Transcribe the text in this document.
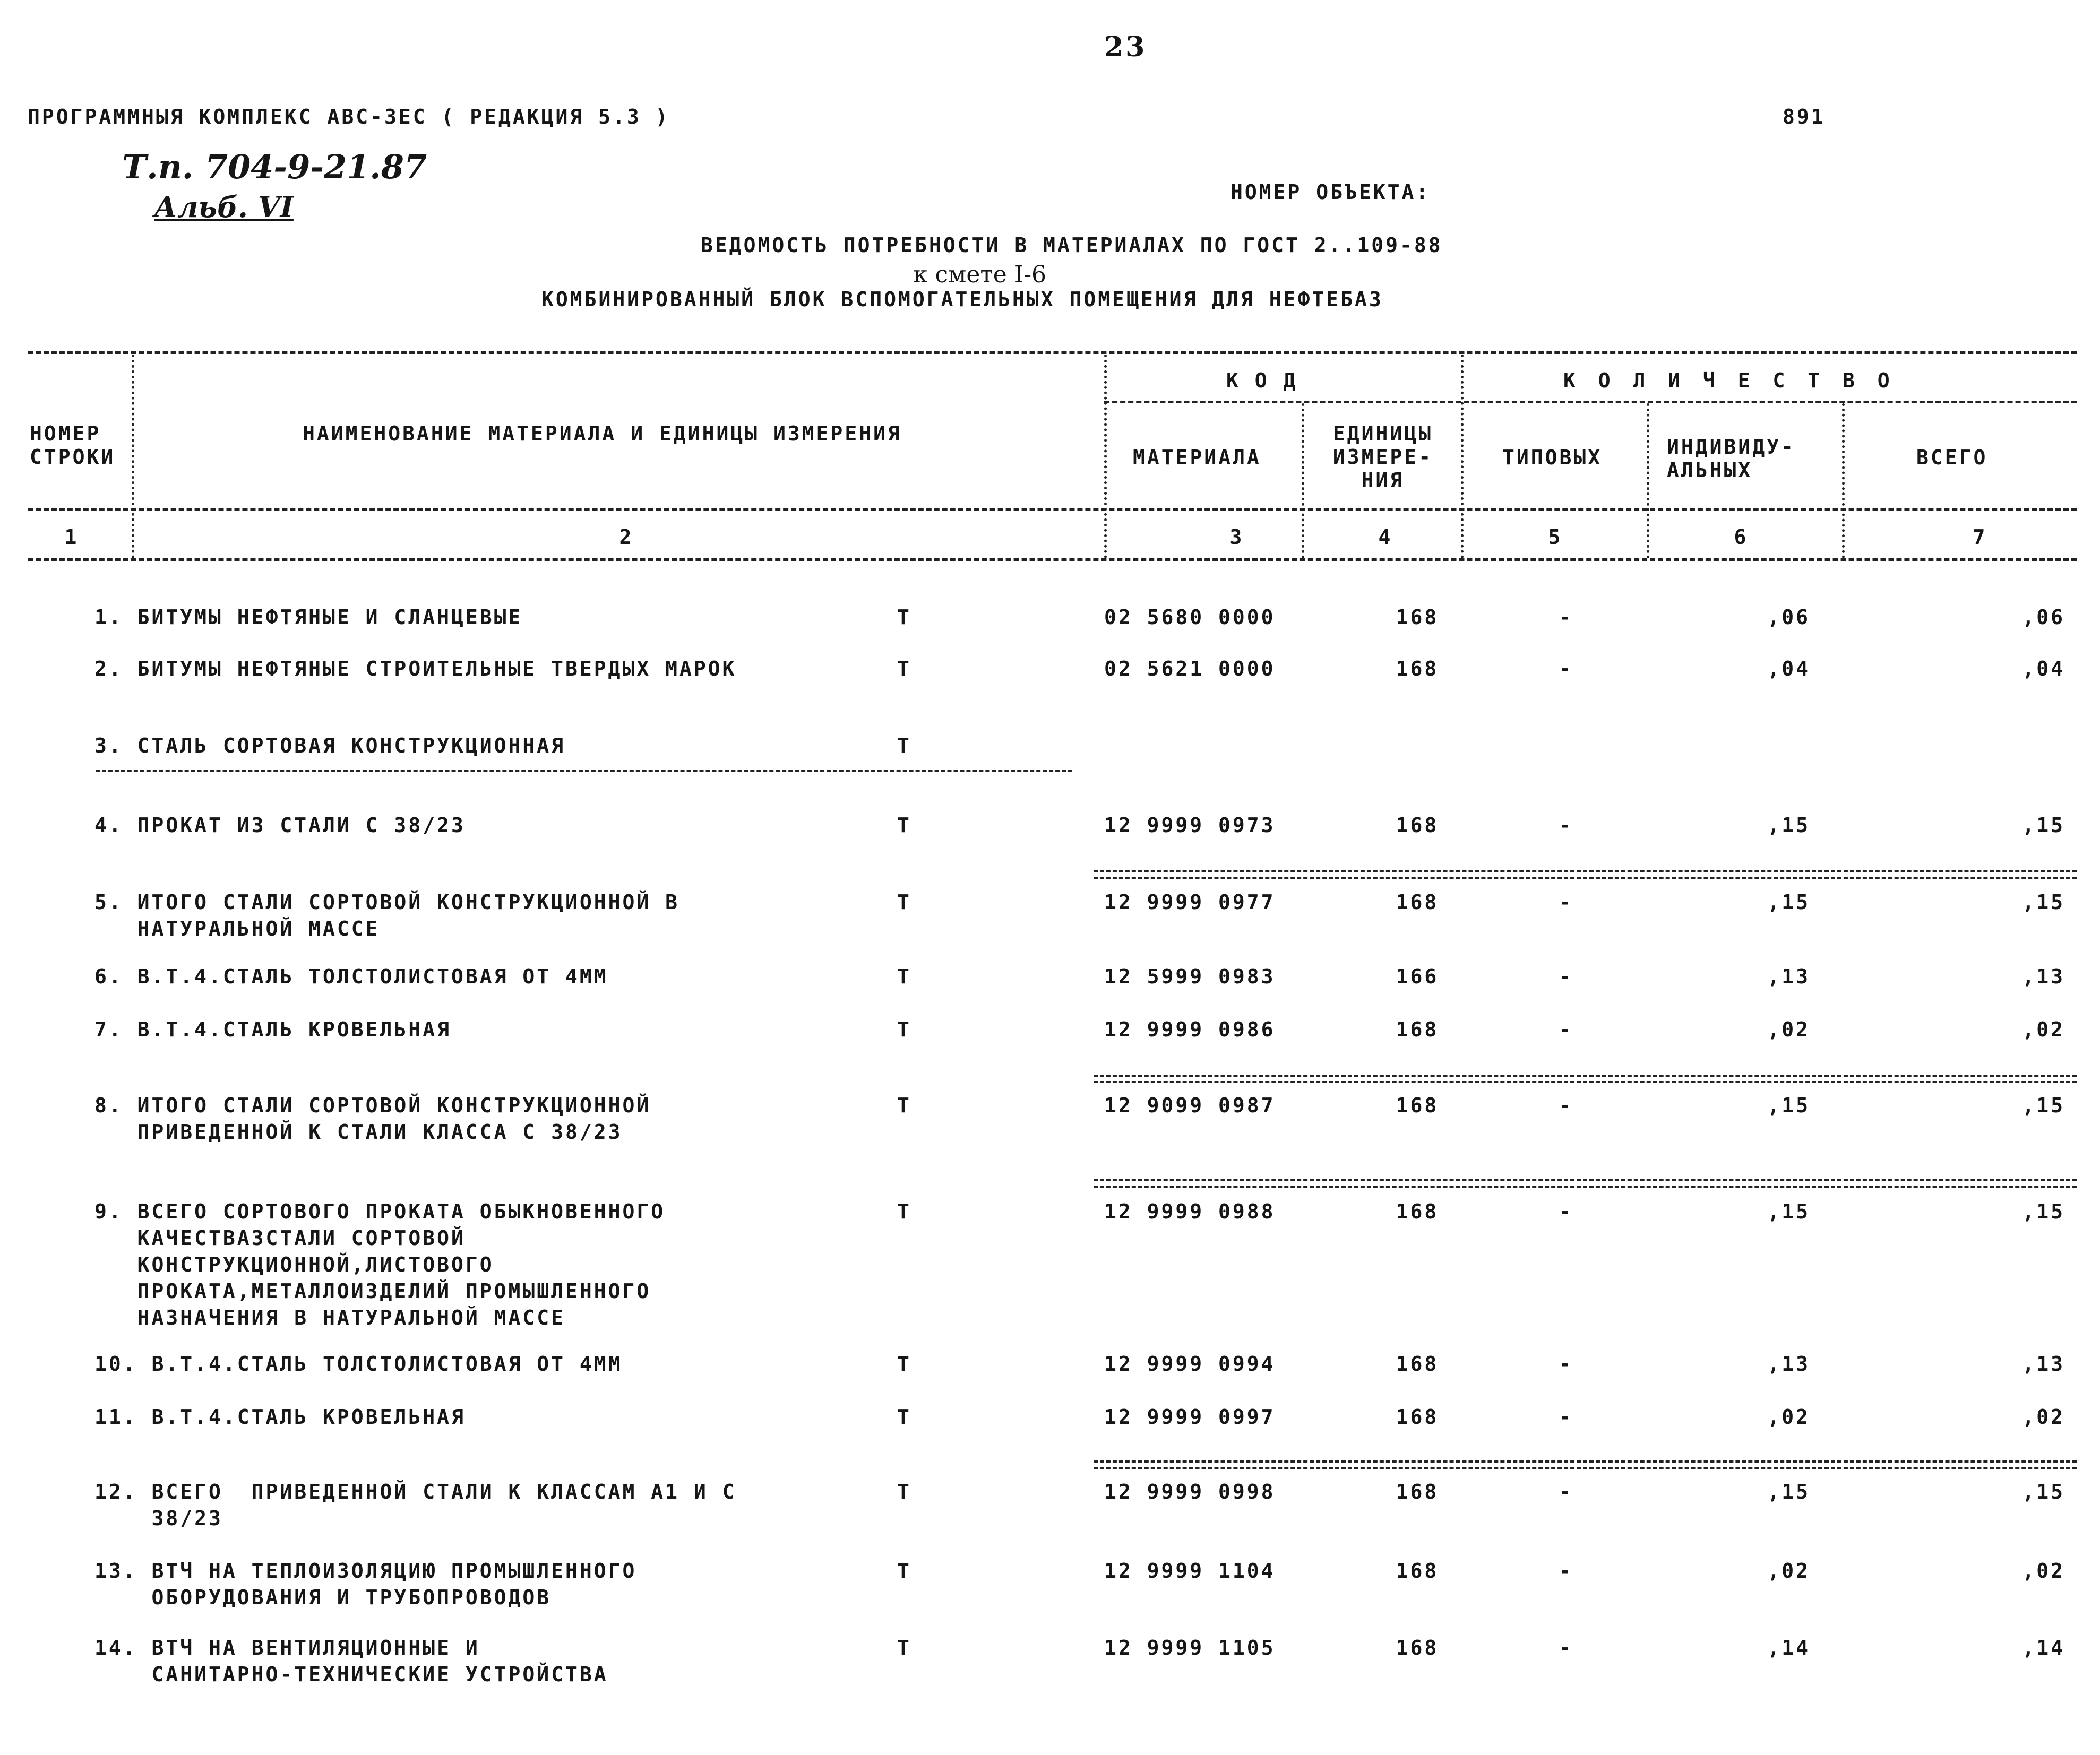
23
ПРОГРАММНЫЯ КОМПЛЕКС АВС-ЗЕС ( РЕДАКЦИЯ 5.3 )	891
Т.п. 704-9-21.87
Альб. VI	НОМЕР ОБЪЕКТА:
ВЕДОМОСТЬ ПОТРЕБНОСТИ В МАТЕРИАЛАХ ПО ГОСТ 2..109-88
к смете I-6
КОМБИНИРОВАННЫЙ БЛОК ВСПОМОГАТЕЛЬНЫХ ПОМЕЩЕНИЯ ДЛЯ НЕФТЕБАЗ
НОМЕР
СТРОКИ
НАИМЕНОВАНИЕ МАТЕРИАЛА И ЕДИНИЦЫ ИЗМЕРЕНИЯ
К О Д
МАТЕРИАЛА
ЕДИНИЦЫ
ИЗМЕРЕ-
НИЯ
К О Л И Ч Е С Т В О
ТИПОВЫХ	ИНДИВИДУ-
АЛЬНЫХ
ВСЕГО
1	2	3	4	5	6	7
1. БИТУМЫ НЕФТЯНЫЕ И СЛАНЦЕВЫЕ	Т	02 5680 0000	168	-	,06	,06
2. БИТУМЫ НЕФТЯНЫЕ СТРОИТЕЛЬНЫЕ ТВЕРДЫХ МАРОК	Т	02 5621 0000	168	-	,04	,04
3. СТАЛЬ СОРТОВАЯ КОНСТРУКЦИОННАЯ	Т
4. ПРОКАТ ИЗ СТАЛИ С 38/23	Т	12 9999 0973	168	-	,15	,15
5. ИТОГО СТАЛИ СОРТОВОЙ КОНСТРУКЦИОННОЙ В
НАТУРАЛЬНОЙ МАССЕ
Т	12 9999 0977	168	-	,15	,15
6. В.Т.4.СТАЛЬ ТОЛСТОЛИСТОВАЯ ОТ 4ММ	Т	12 5999 0983	166	-	,13	,13
7. В.Т.4.СТАЛЬ КРОВЕЛЬНАЯ	Т	12 9999 0986	168	-	,02	,02
8. ИТОГО СТАЛИ СОРТОВОЙ КОНСТРУКЦИОННОЙ
ПРИВЕДЕННОЙ К СТАЛИ КЛАССА С 38/23
Т	12 9099 0987	168	-	,15	,15
9. ВСЕГО СОРТОВОГО ПРОКАТА ОБЫКНОВЕННОГО
КАЧЕСТВАЗСТАЛИ СОРТОВОЙ
КОНСТРУКЦИОННОЙ,ЛИСТОВОГО
ПРОКАТА,МЕТАЛЛОИЗДЕЛИЙ ПРОМЫШЛЕННОГО
НАЗНАЧЕНИЯ В НАТУРАЛЬНОЙ МАССЕ
Т	12 9999 0988	168	-	,15	,15
10. В.Т.4.СТАЛЬ ТОЛСТОЛИСТОВАЯ ОТ 4ММ	Т	12 9999 0994	168	-	,13	,13
11. В.Т.4.СТАЛЬ КРОВЕЛЬНАЯ	Т	12 9999 0997	168	-	,02	,02
12. ВСЕГО  ПРИВЕДЕННОЙ СТАЛИ К КЛАССАМ А1 И С
38/23
Т	12 9999 0998	168	-	,15	,15
13. ВТЧ НА ТЕПЛОИЗОЛЯЦИЮ ПРОМЫШЛЕННОГО
ОБОРУДОВАНИЯ И ТРУБОПРОВОДОВ
Т	12 9999 1104	168	-	,02	,02
14. ВТЧ НА ВЕНТИЛЯЦИОННЫЕ И
САНИТАРНО-ТЕХНИЧЕСКИЕ УСТРОЙСТВА
Т	12 9999 1105	168	-	,14	,14
